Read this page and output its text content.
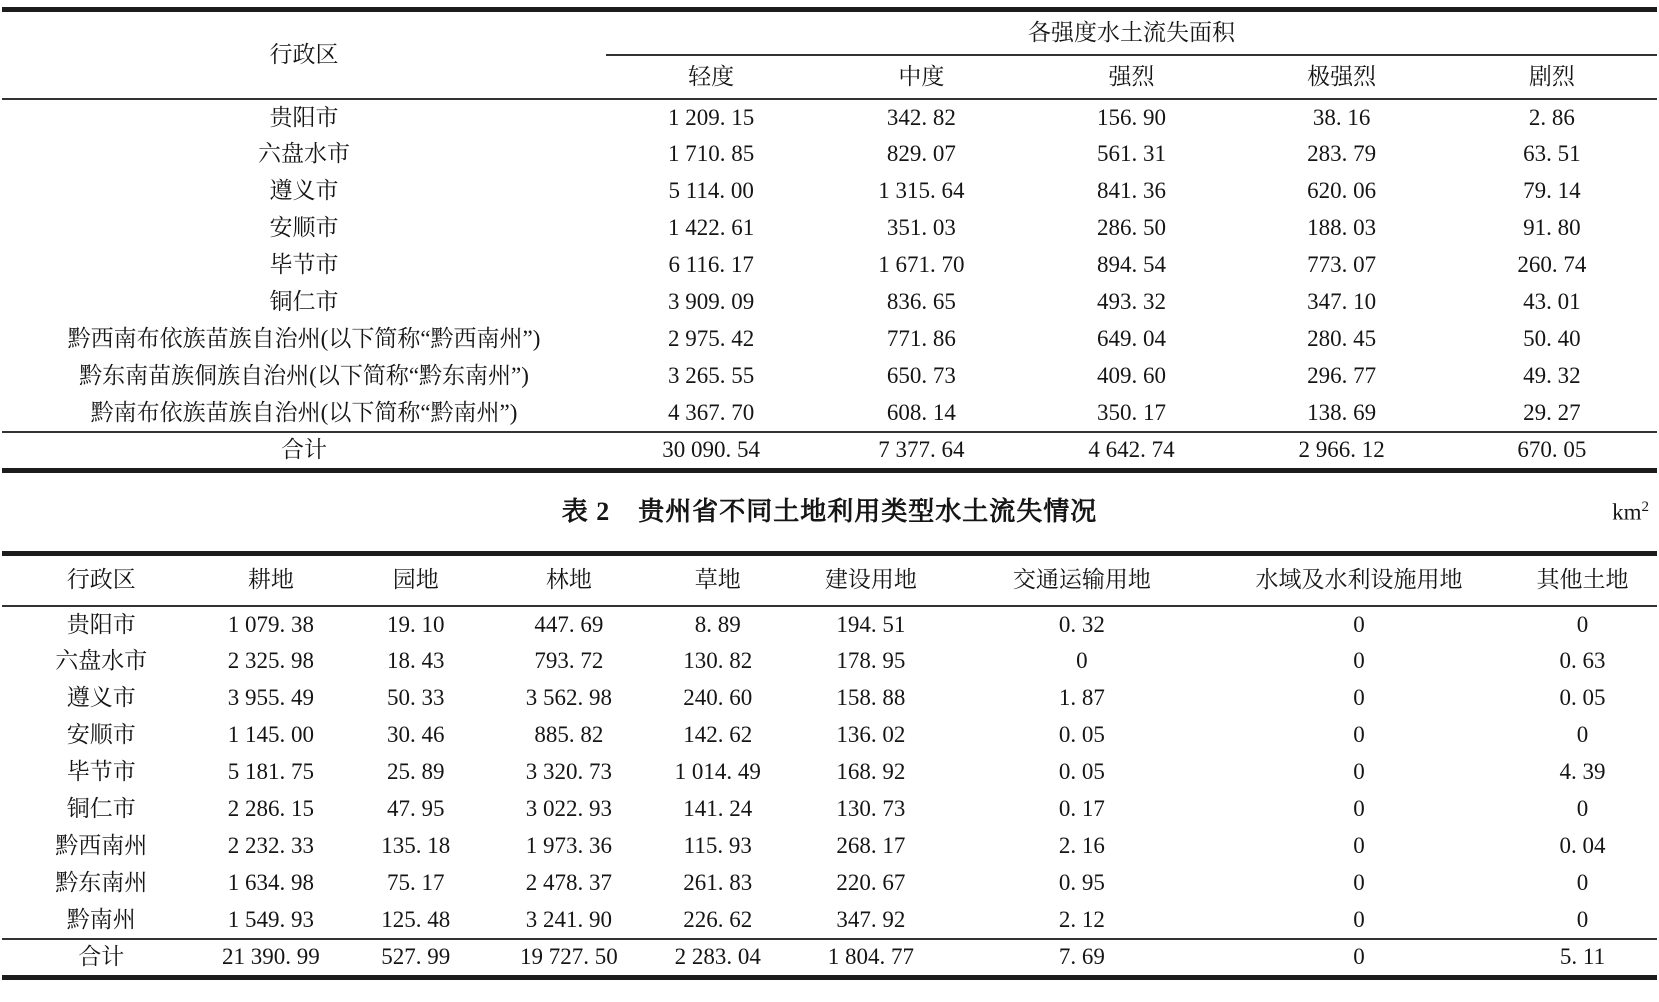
行政区	各强度水土流失面积				
	轻度	中度	强烈	极强烈	剧烈
贵阳市	1 209. 15	342. 82	156. 90	38. 16	2. 86
六盘水市	1 710. 85	829. 07	561. 31	283. 79	63. 51
遵义市	5 114. 00	1 315. 64	841. 36	620. 06	79. 14
安顺市	1 422. 61	351. 03	286. 50	188. 03	91. 80
毕节市	6 116. 17	1 671. 70	894. 54	773. 07	260. 74
铜仁市	3 909. 09	836. 65	493. 32	347. 10	43. 01
黔西南布依族苗族自治州(以下简称“黔西南州”)	2 975. 42	771. 86	649. 04	280. 45	50. 40
黔东南苗族侗族自治州(以下简称“黔东南州”)	3 265. 55	650. 73	409. 60	296. 77	49. 32
黔南布依族苗族自治州(以下简称“黔南州”)	4 367. 70	608. 14	350. 17	138. 69	29. 27
合计	30 090. 54	7 377. 64	4 642. 74	2 966. 12	670. 05
表 2 贵州省不同土地利用类型水土流失情况	$km^2$
行政区	耕地	园地	林地	草地	建设用地	交通运输用地	水域及水利设施用地	其他土地
贵阳市	1 079. 38	19. 10	447. 69	8. 89	194. 51	0. 32	0	0
六盘水市	2 325. 98	18. 43	793. 72	130. 82	178. 95	0	0	0. 63
遵义市	3 955. 49	50. 33	3 562. 98	240. 60	158. 88	1. 87	0	0. 05
安顺市	1 145. 00	30. 46	885. 82	142. 62	136. 02	0. 05	0	0
毕节市	5 181. 75	25. 89	3 320. 73	1 014. 49	168. 92	0. 05	0	4. 39
铜仁市	2 286. 15	47. 95	3 022. 93	141. 24	130. 73	0. 17	0	0
黔西南州	2 232. 33	135. 18	1 973. 36	115. 93	268. 17	2. 16	0	0. 04
黔东南州	1 634. 98	75. 17	2 478. 37	261. 83	220. 67	0. 95	0	0
黔南州	1 549. 93	125. 48	3 241. 90	226. 62	347. 92	2. 12	0	0
合计	21 390. 99	527. 99	19 727. 50	2 283. 04	1 804. 77	7. 69	0	5. 11
